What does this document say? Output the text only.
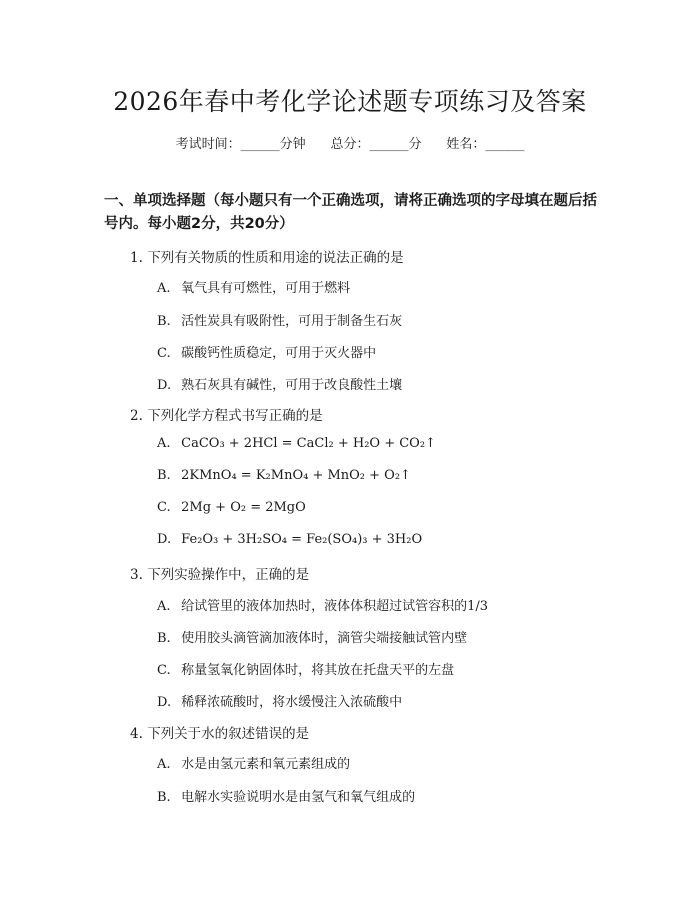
2026年春中考化学论述题专项练习及答案
考试时间：______分钟 总分：______分 姓名：______
一、单项选择题（每小题只有一个正确选项，请将正确选项的字母填在题后括号内。每小题2分，共20分）
1. 下列有关物质的性质和用途的说法正确的是
A. 氧气具有可燃性，可用于燃料
B. 活性炭具有吸附性，可用于制备生石灰
C. 碳酸钙性质稳定，可用于灭火器中
D. 熟石灰具有碱性，可用于改良酸性土壤
2. 下列化学方程式书写正确的是
A. CaCO₃ + 2HCl = CaCl₂ + H₂O + CO₂↑
B. 2KMnO₄ = K₂MnO₄ + MnO₂ + O₂↑
C. 2Mg + O₂ = 2MgO
D. Fe₂O₃ + 3H₂SO₄ = Fe₂(SO₄)₃ + 3H₂O
3. 下列实验操作中，正确的是
A. 给试管里的液体加热时，液体体积超过试管容积的1/3
B. 使用胶头滴管滴加液体时，滴管尖端接触试管内壁
C. 称量氢氧化钠固体时，将其放在托盘天平的左盘
D. 稀释浓硫酸时，将水缓慢注入浓硫酸中
4. 下列关于水的叙述错误的是
A. 水是由氢元素和氧元素组成的
B. 电解水实验说明水是由氢气和氧气组成的
